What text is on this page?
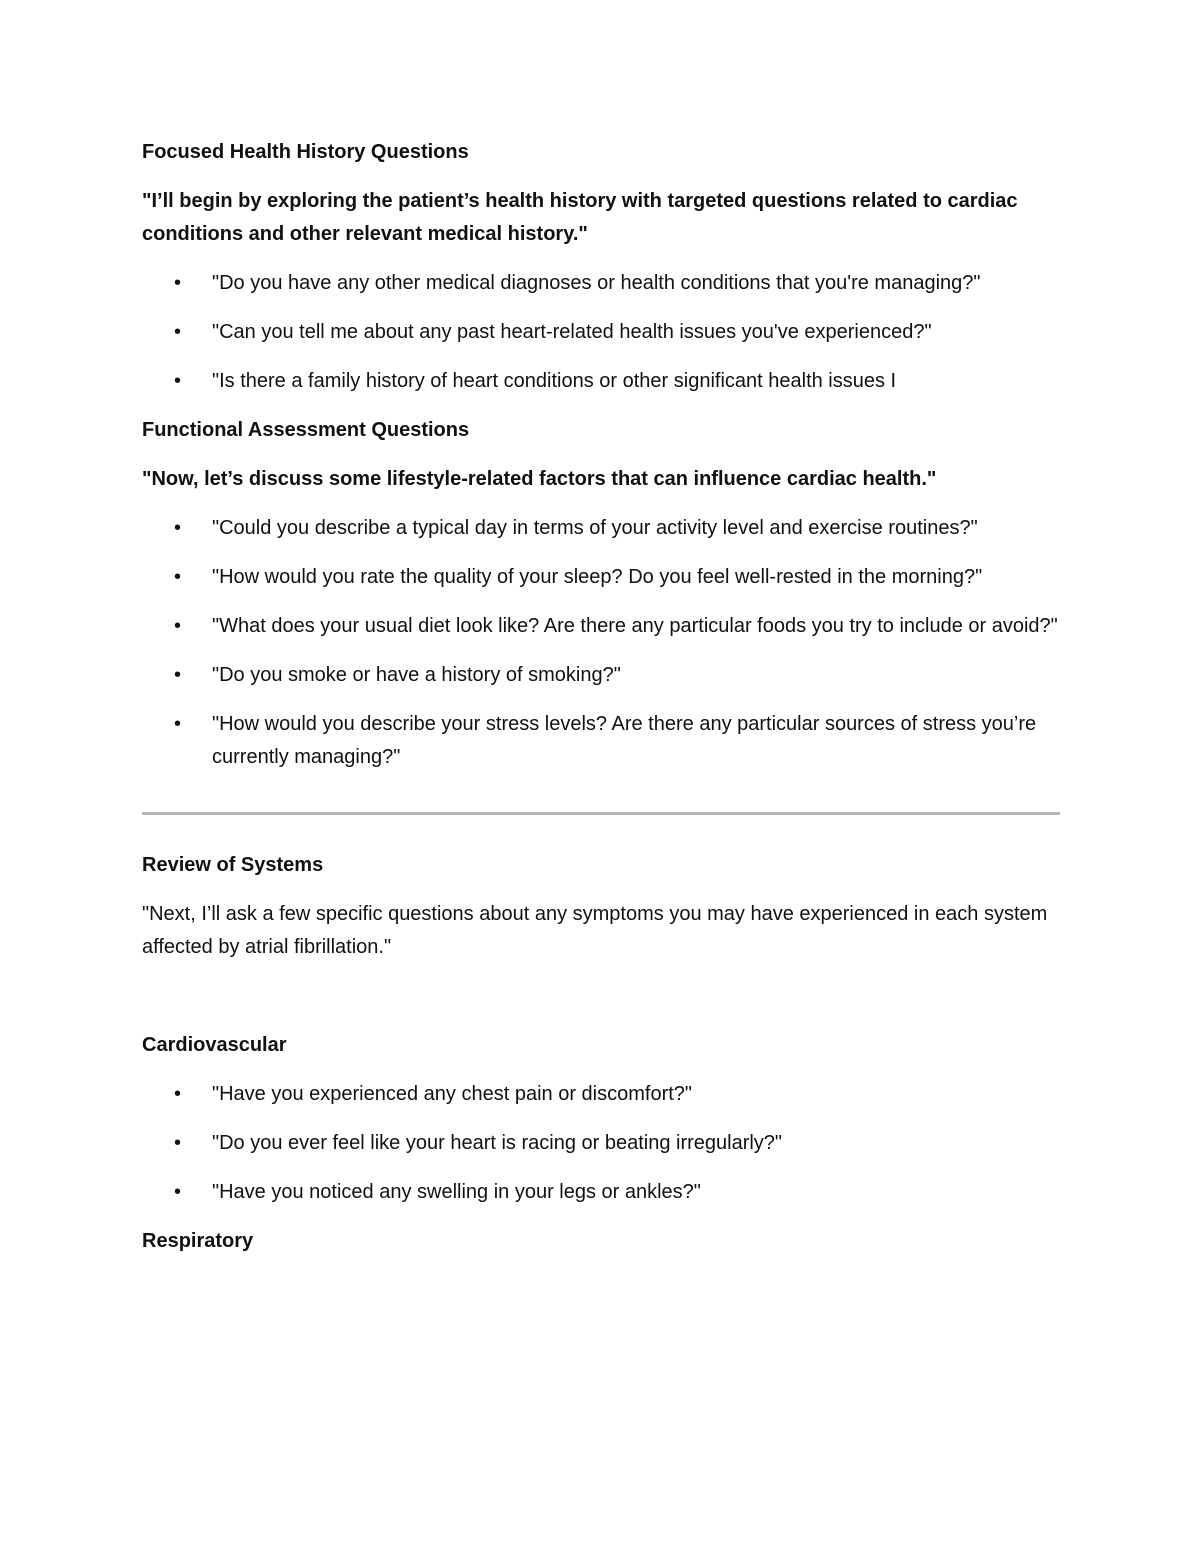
Focused Health History Questions
"I’ll begin by exploring the patient’s health history with targeted questions related to cardiac conditions and other relevant medical history."
•	"Do you have any other medical diagnoses or health conditions that you're managing?"
•	"Can you tell me about any past heart-related health issues you've experienced?"
•	"Is there a family history of heart conditions or other significant health issues I
Functional Assessment Questions
"Now, let’s discuss some lifestyle-related factors that can influence cardiac health."
•	"Could you describe a typical day in terms of your activity level and exercise routines?"
•	"How would you rate the quality of your sleep? Do you feel well-rested in the morning?"
•	"What does your usual diet look like? Are there any particular foods you try to include or avoid?"
•	"Do you smoke or have a history of smoking?"
•	"How would you describe your stress levels? Are there any particular sources of stress you’re currently managing?"
Review of Systems
"Next, I’ll ask a few specific questions about any symptoms you may have experienced in each system affected by atrial fibrillation."
Cardiovascular
•	"Have you experienced any chest pain or discomfort?"
•	"Do you ever feel like your heart is racing or beating irregularly?"
•	"Have you noticed any swelling in your legs or ankles?"
Respiratory
